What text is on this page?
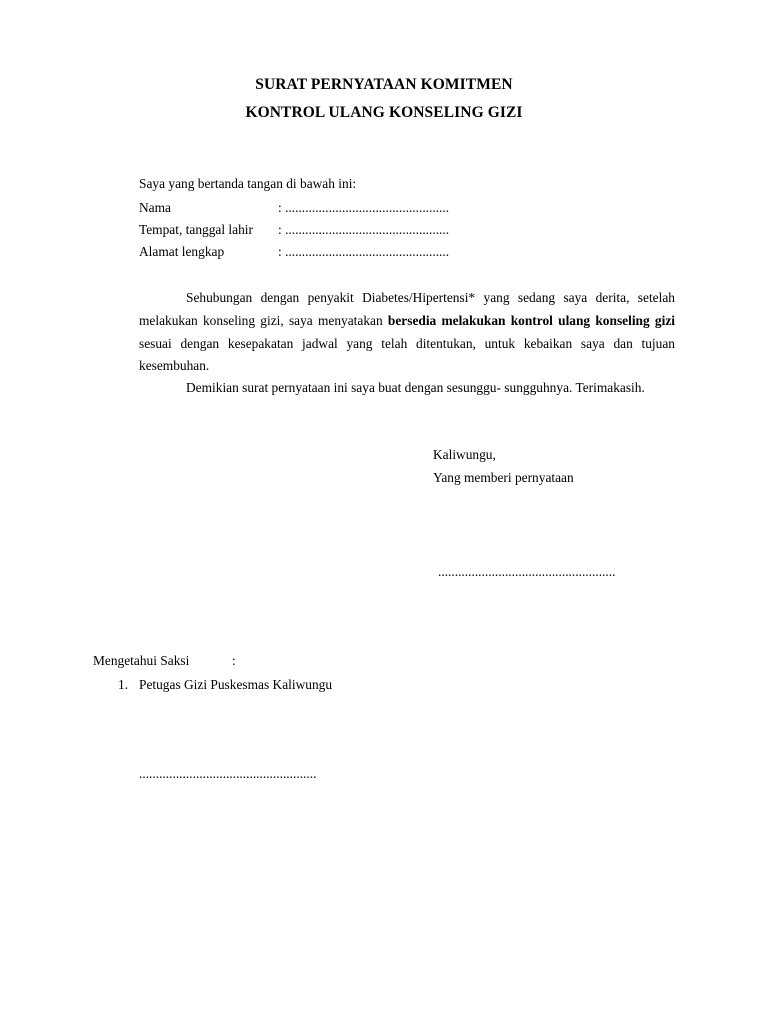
SURAT PERNYATAAN KOMITMEN
KONTROL ULANG KONSELING GIZI
Saya yang bertanda tangan di bawah ini:
Nama	: .................................................
Tempat, tanggal lahir : .................................................
Alamat lengkap	: .................................................
Sehubungan dengan penyakit Diabetes/Hipertensi* yang sedang saya derita, setelah melakukan konseling gizi, saya menyatakan bersedia melakukan kontrol ulang konseling gizi sesuai dengan kesepakatan jadwal yang telah ditentukan, untuk kebaikan saya dan tujuan kesembuhan.
Demikian surat pernyataan ini saya buat dengan sesunggu- sungguhnya. Terimakasih.
Kaliwungu,
Yang memberi pernyataan
.....................................................
Mengetahui Saksi	:
1. Petugas Gizi Puskesmas Kaliwungu
.....................................................
